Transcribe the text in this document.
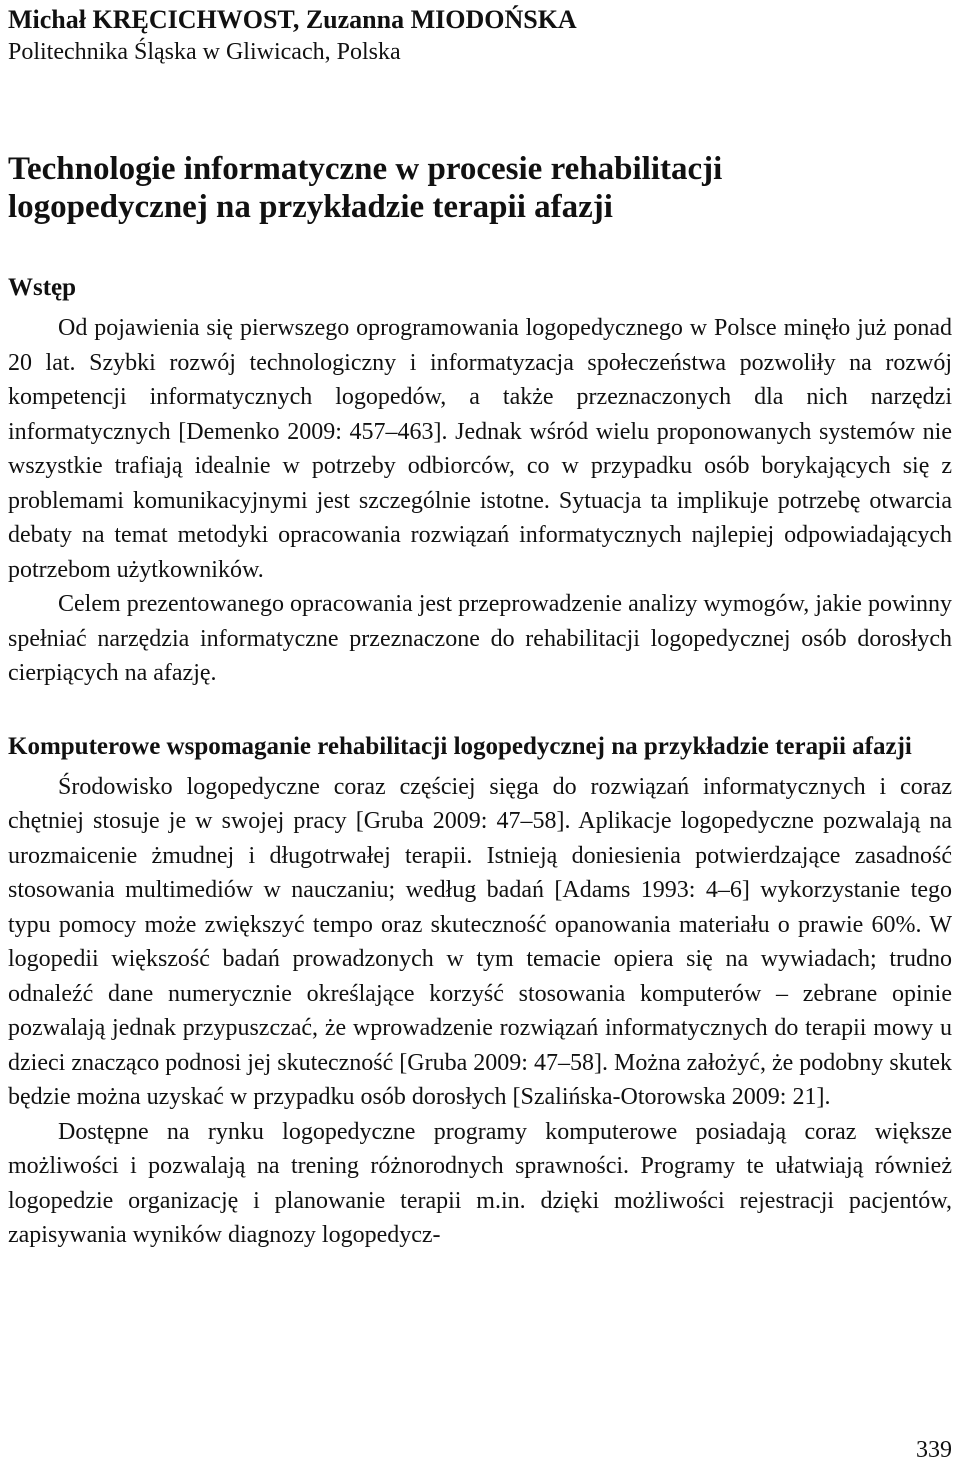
Michał KRĘCICHWOST, Zuzanna MIODOŃSKA

Politechnika Śląska w Gliwicach, Polska

Technologie informatyczne w procesie rehabilitacji
logopedycznej na przykładzie terapii afazji
Wstęp

Od pojawienia się pierwszego oprogramowania logopedycznego w Polsce minęło już ponad 20 lat. Szybki rozwój technologiczny i informatyzacja społeczeństwa pozwoliły na rozwój kompetencji informatycznych logopedów, a także przeznaczonych dla nich narzędzi informatycznych [Demenko 2009: 457–463]. Jednak wśród wielu proponowanych systemów nie wszystkie trafiają idealnie w potrzeby odbiorców, co w przypadku osób borykających się z problemami komunikacyjnymi jest szczególnie istotne. Sytuacja ta implikuje potrzebę otwarcia debaty na temat metodyki opracowania rozwiązań informatycznych najlepiej odpowiadających potrzebom użytkowników.

Celem prezentowanego opracowania jest przeprowadzenie analizy wymogów, jakie powinny spełniać narzędzia informatyczne przeznaczone do rehabilitacji logopedycznej osób dorosłych cierpiących na afazję.

Komputerowe wspomaganie rehabilitacji logopedycznej na przykładzie terapii afazji

Środowisko logopedyczne coraz częściej sięga do rozwiązań informatycznych i coraz chętniej stosuje je w swojej pracy [Gruba 2009: 47–58]. Aplikacje logopedyczne pozwalają na urozmaicenie żmudnej i długotrwałej terapii. Istnieją doniesienia potwierdzające zasadność stosowania multimediów w nauczaniu; według badań [Adams 1993: 4–6] wykorzystanie tego typu pomocy może zwiększyć tempo oraz skuteczność opanowania materiału o prawie 60%. W logopedii większość badań prowadzonych w tym temacie opiera się na wywiadach; trudno odnaleźć dane numerycznie określające korzyść stosowania komputerów – zebrane opinie pozwalają jednak przypuszczać, że wprowadzenie rozwiązań informatycznych do terapii mowy u dzieci znacząco podnosi jej skuteczność [Gruba 2009: 47–58]. Można założyć, że podobny skutek będzie można uzyskać w przypadku osób dorosłych [Szalińska-Otorowska 2009: 21].

Dostępne na rynku logopedyczne programy komputerowe posiadają coraz większe możliwości i pozwalają na trening różnorodnych sprawności. Programy te ułatwiają również logopedzie organizację i planowanie terapii m.in. dzięki możliwości rejestracji pacjentów, zapisywania wyników diagnozy logopedycz-

339
